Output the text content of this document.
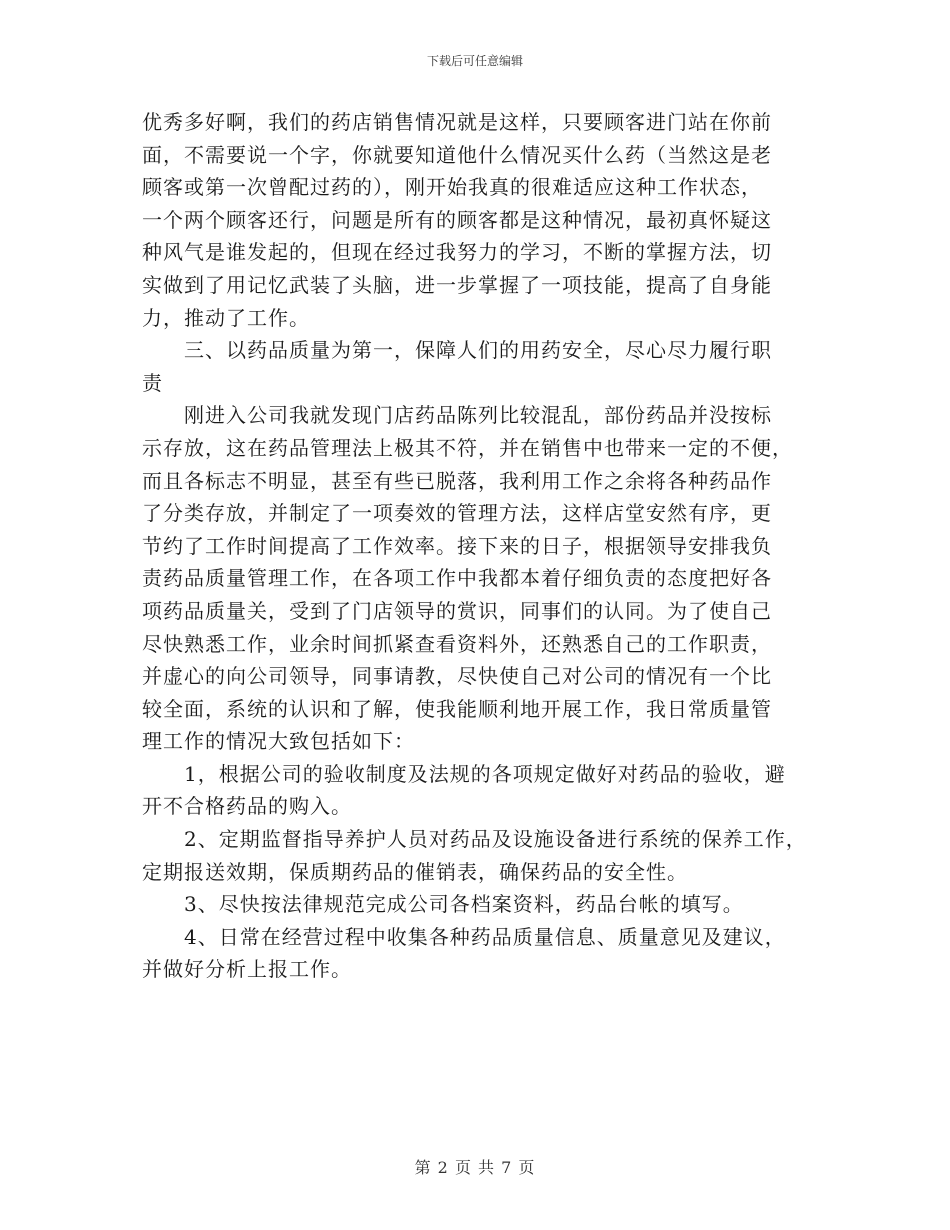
下载后可任意编辑
优秀多好啊，我们的药店销售情况就是这样，只要顾客进门站在你前
面，不需要说一个字，你就要知道他什么情况买什么药（当然这是老
顾客或第一次曾配过药的），刚开始我真的很难适应这种工作状态，
一个两个顾客还行，问题是所有的顾客都是这种情况，最初真怀疑这
种风气是谁发起的，但现在经过我努力的学习，不断的掌握方法，切
实做到了用记忆武装了头脑，进一步掌握了一项技能，提高了自身能
力，推动了工作。
三、以药品质量为第一，保障人们的用药安全，尽心尽力履行职
责
刚进入公司我就发现门店药品陈列比较混乱，部份药品并没按标
示存放，这在药品管理法上极其不符，并在销售中也带来一定的不便，
而且各标志不明显，甚至有些已脱落，我利用工作之余将各种药品作
了分类存放，并制定了一项奏效的管理方法，这样店堂安然有序，更
节约了工作时间提高了工作效率。接下来的日子，根据领导安排我负
责药品质量管理工作，在各项工作中我都本着仔细负责的态度把好各
项药品质量关，受到了门店领导的赏识，同事们的认同。为了使自己
尽快熟悉工作，业余时间抓紧查看资料外，还熟悉自己的工作职责，
并虚心的向公司领导，同事请教，尽快使自己对公司的情况有一个比
较全面，系统的认识和了解，使我能顺利地开展工作，我日常质量管
理工作的情况大致包括如下：
1，根据公司的验收制度及法规的各项规定做好对药品的验收，避
开不合格药品的购入。
2、定期监督指导养护人员对药品及设施设备进行系统的保养工作，
定期报送效期，保质期药品的催销表，确保药品的安全性。
3、尽快按法律规范完成公司各档案资料，药品台帐的填写。
4、日常在经营过程中收集各种药品质量信息、质量意见及建议，
并做好分析上报工作。
第 2 页 共 7 页
